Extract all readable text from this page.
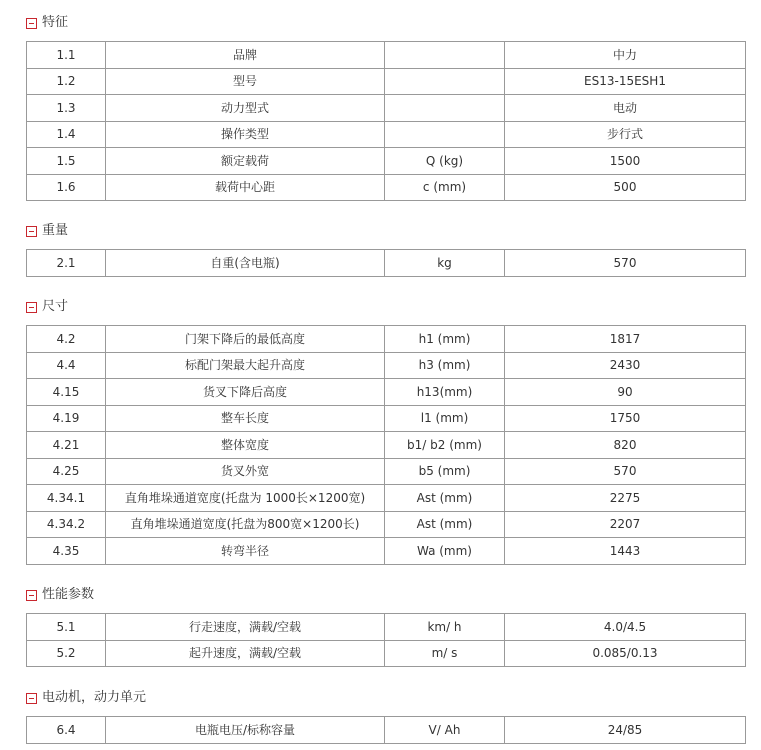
特征
1.1	品牌		中力
1.2	型号		ES13-15ESH1
1.3	动力型式		电动
1.4	操作类型		步行式
1.5	额定载荷	Q (kg)	1500
1.6	载荷中心距	c (mm)	500
重量
2.1	自重(含电瓶)	kg	570
尺寸
4.2	门架下降后的最低高度	h1 (mm)	1817
4.4	标配门架最大起升高度	h3 (mm)	2430
4.15	货叉下降后高度	h13(mm)	90
4.19	整车长度	l1 (mm)	1750
4.21	整体宽度	b1/ b2 (mm)	820
4.25	货叉外宽	b5 (mm)	570
4.34.1	直角堆垛通道宽度(托盘为 1000长×1200宽)	Ast (mm)	2275
4.34.2	直角堆垛通道宽度(托盘为800宽×1200长)	Ast (mm)	2207
4.35	转弯半径	Wa (mm)	1443
性能参数
5.1	行走速度，满载/空载	km/ h	4.0/4.5
5.2	起升速度，满载/空载	m/ s	0.085/0.13
电动机，动力单元
6.4	电瓶电压/标称容量	V/ Ah	24/85
